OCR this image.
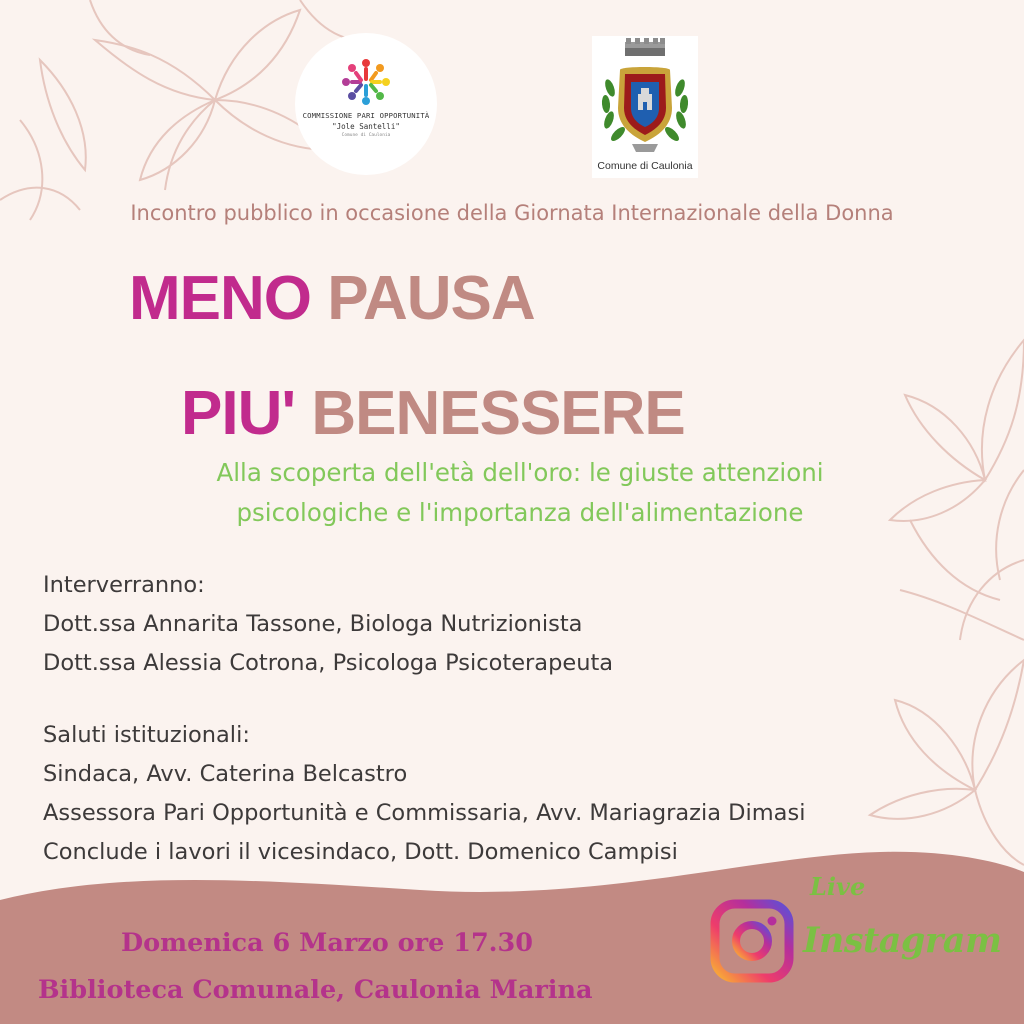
COMMISSIONE PARI OPPORTUNITÀ
"Jole Santelli"
Comune di Caulonia
Comune di Caulonia
Incontro pubblico in occasione della Giornata Internazionale della Donna
MENO PAUSA
PIU' BENESSERE
Alla scoperta dell'età dell'oro: le giuste attenzioni
psicologiche e l'importanza dell'alimentazione
Interverranno:
Dott.ssa Annarita Tassone, Biologa Nutrizionista
Dott.ssa Alessia Cotrona, Psicologa Psicoterapeuta
Saluti istituzionali:
Sindaca, Avv. Caterina Belcastro
Assessora Pari Opportunità e Commissaria, Avv. Mariagrazia Dimasi
Conclude i lavori il vicesindaco, Dott. Domenico Campisi
Domenica 6 Marzo ore 17.30
Biblioteca Comunale, Caulonia Marina
Live
Instagram
